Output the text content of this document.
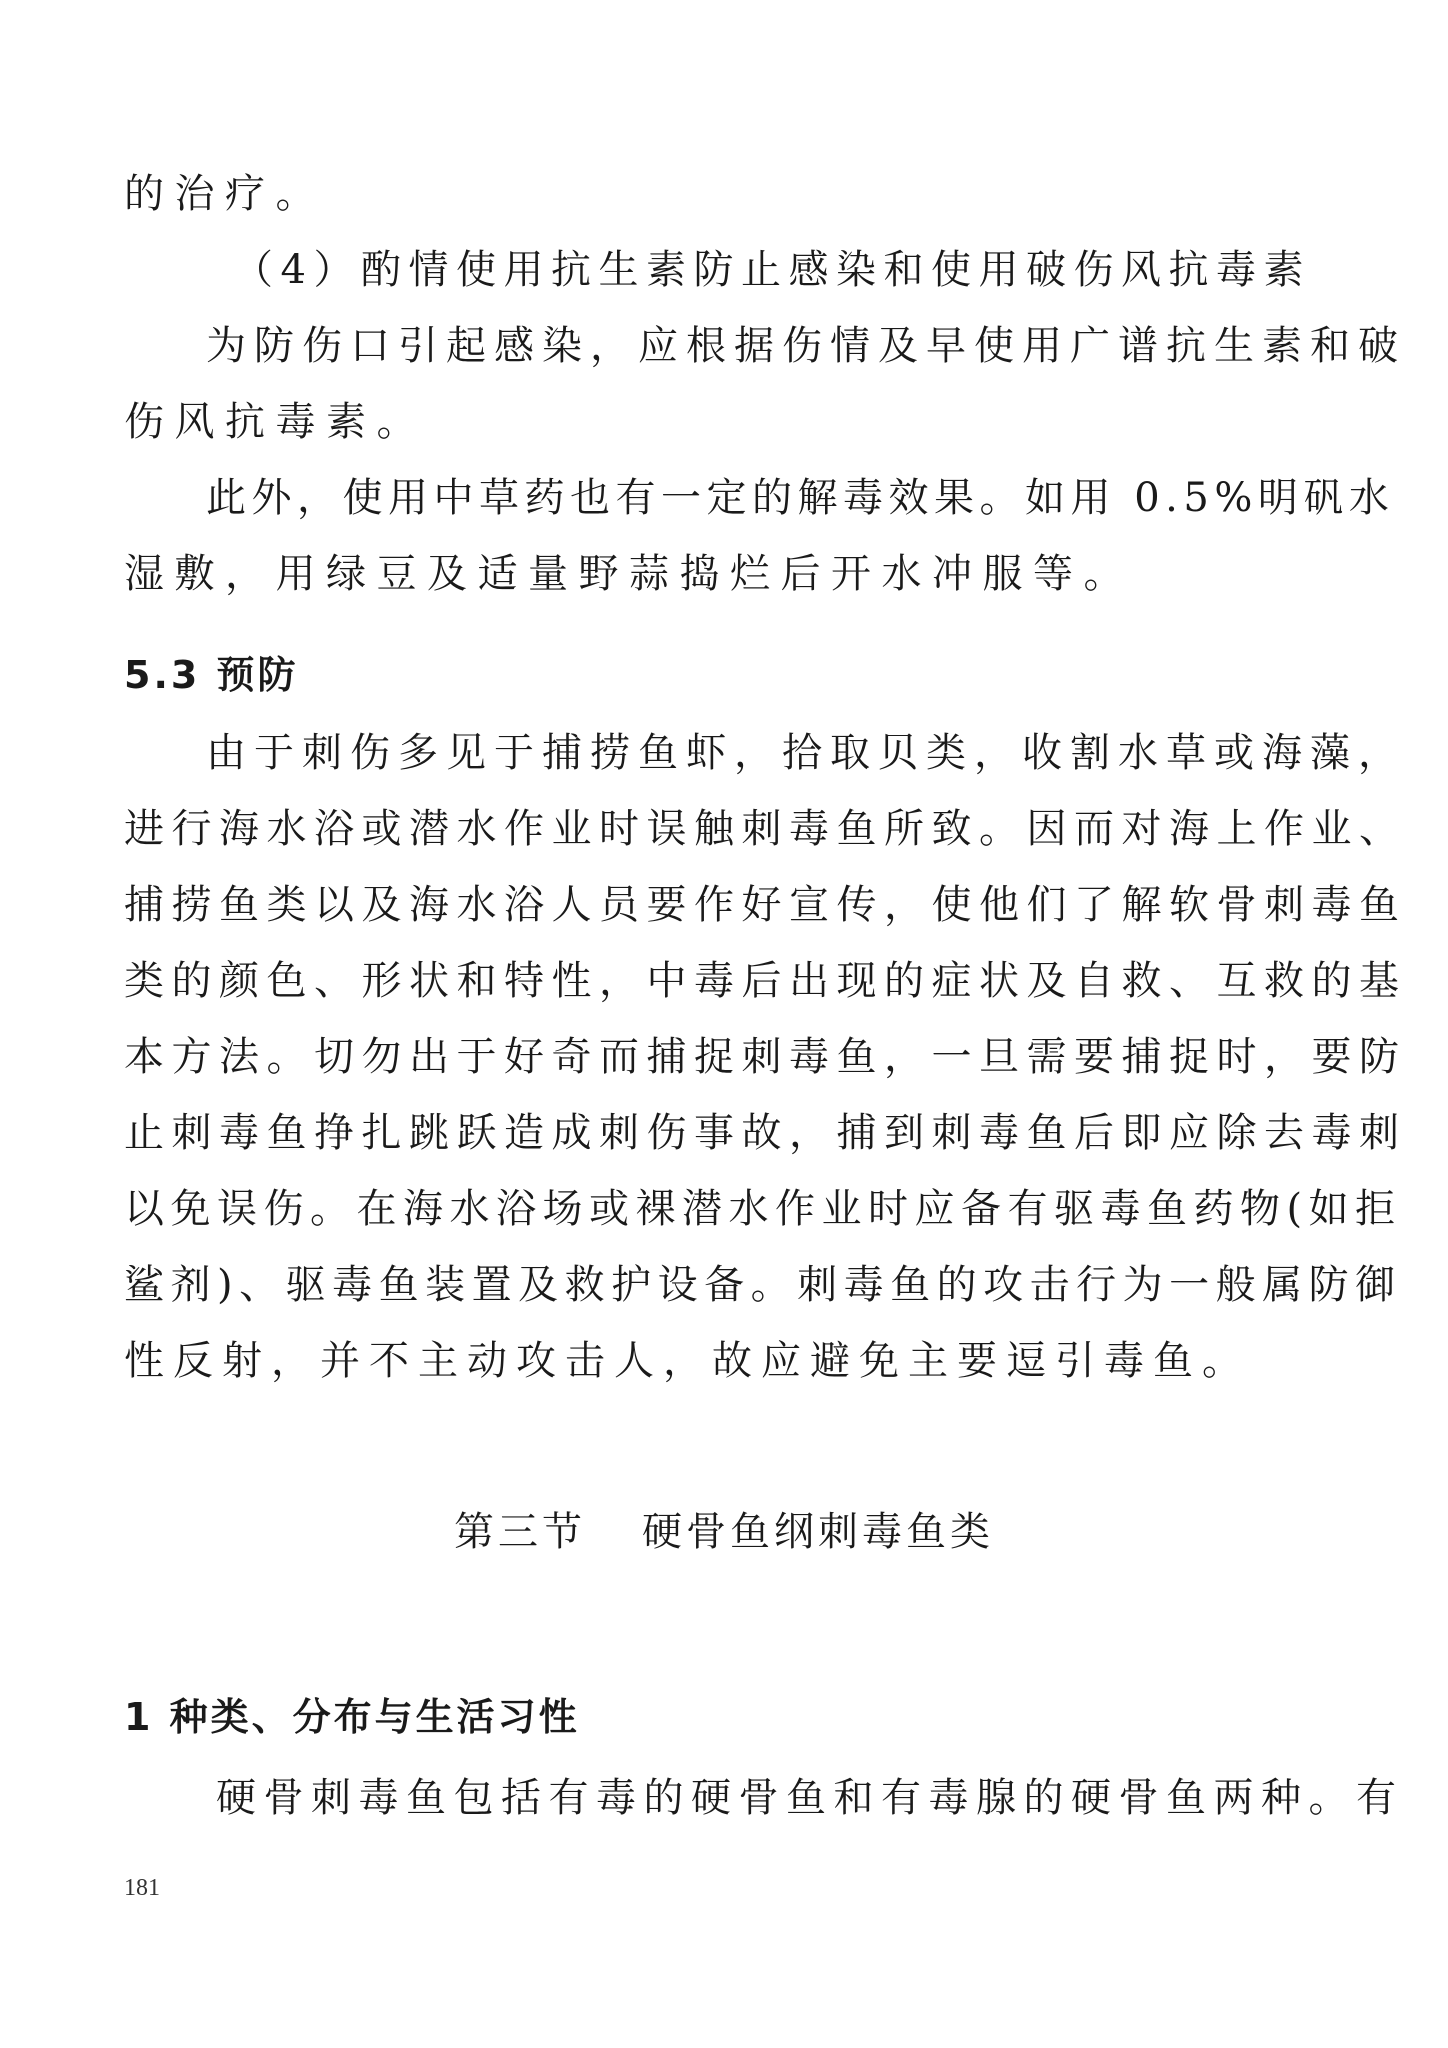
的治疗。
（4）酌情使用抗生素防止感染和使用破伤风抗毒素
为防伤口引起感染，应根据伤情及早使用广谱抗生素和破
伤风抗毒素。
此外，使用中草药也有一定的解毒效果。如用 0.5%明矾水
湿敷，用绿豆及适量野蒜捣烂后开水冲服等。
5.3 预防
由于刺伤多见于捕捞鱼虾，拾取贝类，收割水草或海藻，
进行海水浴或潜水作业时误触刺毒鱼所致。因而对海上作业、
捕捞鱼类以及海水浴人员要作好宣传，使他们了解软骨刺毒鱼
类的颜色、形状和特性，中毒后出现的症状及自救、互救的基
本方法。切勿出于好奇而捕捉刺毒鱼，一旦需要捕捉时，要防
止刺毒鱼挣扎跳跃造成刺伤事故，捕到刺毒鱼后即应除去毒刺
以免误伤。在海水浴场或裸潜水作业时应备有驱毒鱼药物(如拒
鲨剂)、驱毒鱼装置及救护设备。刺毒鱼的攻击行为一般属防御
性反射，并不主动攻击人，故应避免主要逗引毒鱼。
第三节 硬骨鱼纲刺毒鱼类
1 种类、分布与生活习性
硬骨刺毒鱼包括有毒的硬骨鱼和有毒腺的硬骨鱼两种。有
181
